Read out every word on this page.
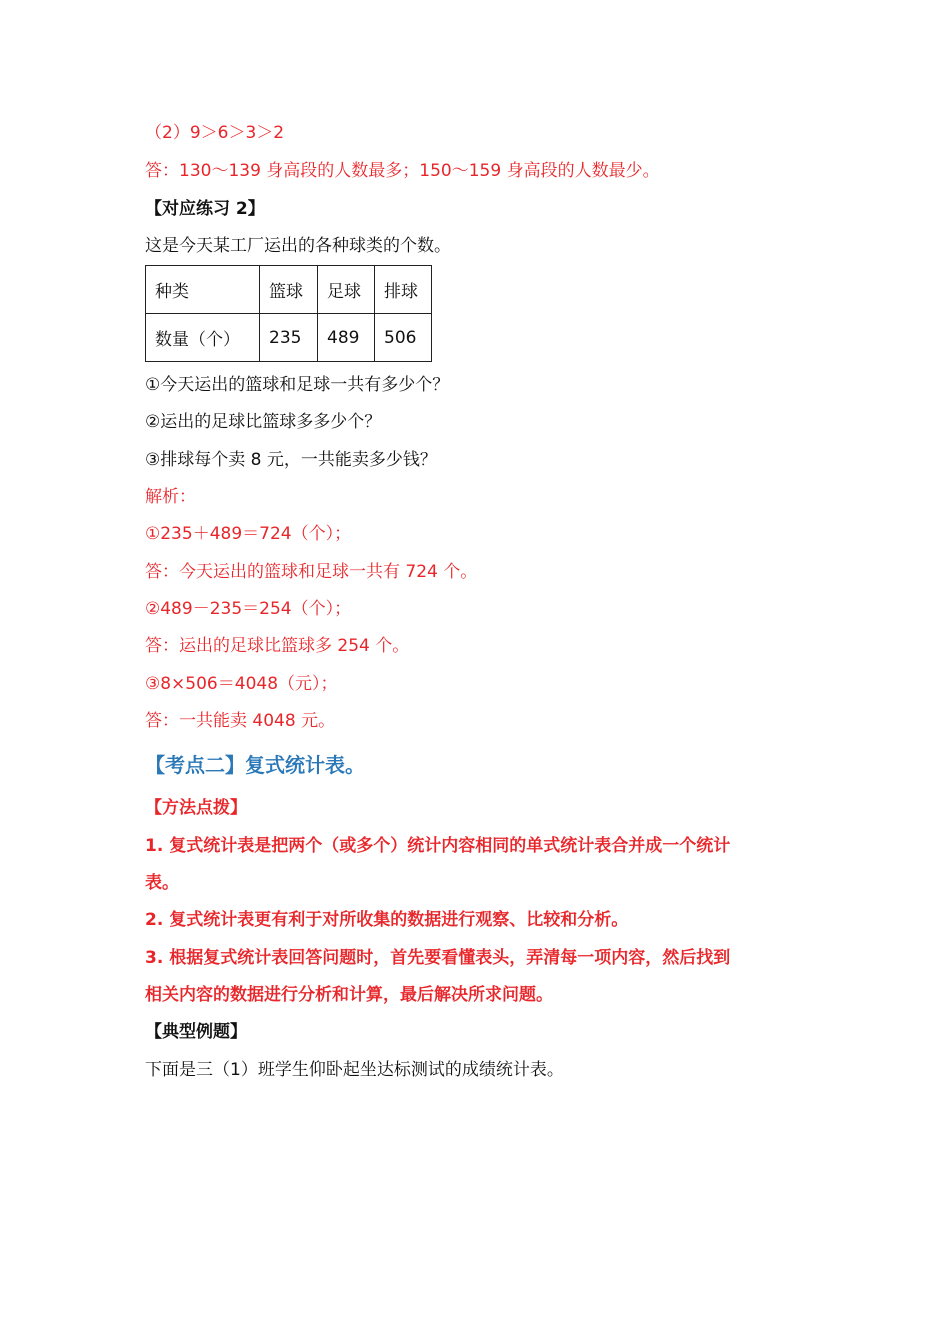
（2）9＞6＞3＞2
答：130～139 身高段的人数最多；150～159 身高段的人数最少。
【对应练习 2】
这是今天某工厂运出的各种球类的个数。
种类	篮球	足球	排球
数量（个）	235	489	506
①今天运出的篮球和足球一共有多少个？
②运出的足球比篮球多多少个？
③排球每个卖 8 元，一共能卖多少钱？
解析：
①235＋489＝724（个）；
答：今天运出的篮球和足球一共有 724 个。
②489－235＝254（个）；
答：运出的足球比篮球多 254 个。
③8×506＝4048（元）；
答：一共能卖 4048 元。
【考点二】复式统计表。
【方法点拨】
1. 复式统计表是把两个（或多个）统计内容相同的单式统计表合并成一个统计
表。
2. 复式统计表更有利于对所收集的数据进行观察、比较和分析。
3. 根据复式统计表回答问题时，首先要看懂表头，弄清每一项内容，然后找到
相关内容的数据进行分析和计算，最后解决所求问题。
【典型例题】
下面是三（1）班学生仰卧起坐达标测试的成绩统计表。
